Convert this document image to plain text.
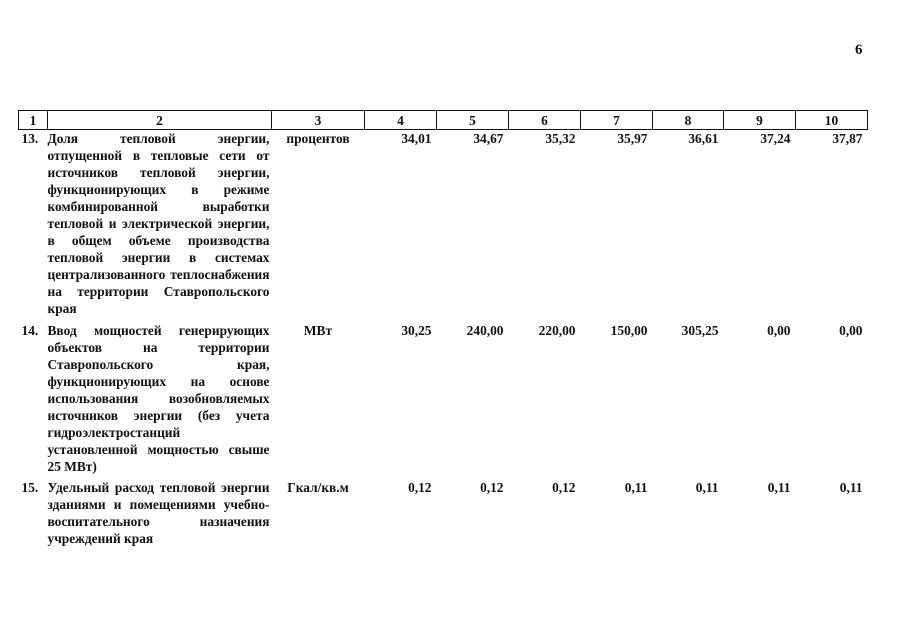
6
1	2	3	4	5	6	7	8	9	10
13.	Доля тепловой энергии, отпущенной в тепловые сети от источников тепловой энергии, функционирующих в режиме комбинированной выработки тепловой и электрической энергии, в общем объеме производства тепловой энергии в системах централизованного теплоснабжения на территории Ставропольского края	процентов	34,01	34,67	35,32	35,97	36,61	37,24	37,87
14.	Ввод мощностей генерирующих объектов на территории Ставропольского края, функционирующих на основе использования возобновляемых источников энергии (без учета гидроэлектростанций установленной мощностью свыше 25 МВт)	МВт	30,25	240,00	220,00	150,00	305,25	0,00	0,00
15.	Удельный расход тепловой энергии зданиями и помещениями учебно-воспитательного назначения учреждений края	Гкал/кв.м	0,12	0,12	0,12	0,11	0,11	0,11	0,11
